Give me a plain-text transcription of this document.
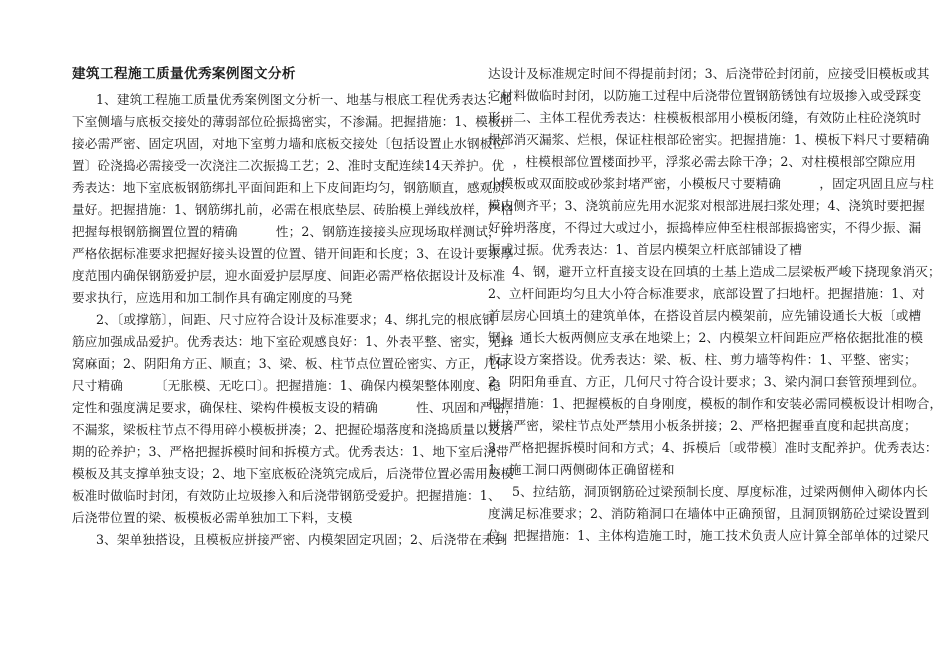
建筑工程施工质量优秀案例图文分析
1、建筑工程施工质量优秀案例图文分析一、地基与根底工程优秀表达：地
下室侧墙与底板交接处的薄弱部位砼振捣密实，不渗漏。把握措施：1、模板拼
接必需严密、固定巩固，对地下室剪力墙和底板交接处〔包括设置止水钢板位
置〕砼浇捣必需接受一次浇注二次振捣工艺；2、准时支配连续14天养护。优
秀表达：地下室底板钢筋绑扎平面间距和上下皮间距均匀，钢筋顺直，感观质
量好。把握措施：1、钢筋绑扎前，必需在根底垫层、砖胎模上弹线放样，严格
把握每根钢筋搁置位置的精确　　　性；2、钢筋连接接头应现场取样测试，并
严格依据标准要求把握好接头设置的位置、错开间距和长度；3、在设计要求厚
度范围内确保钢筋爱护层，迎水面爱护层厚度、间距必需严格依据设计及标准
要求执行，应选用和加工制作具有确定刚度的马凳
2、〔或撑筋〕，间距、尺寸应符合设计及标准要求；4、绑扎完的根底钢
筋应加强成品爱护。优秀表达：地下室砼观感良好：1、外表平整、密实，无蜂
窝麻面；2、阴阳角方正、顺直；3、梁、板、柱节点位置砼密实、方正，几何
尺寸精确　　　〔无胀模、无吃口〕。把握措施：1、确保内模架整体刚度、稳
定性和强度满足要求，确保柱、梁构件模板支设的精确　　　性、巩固和严密，
不漏浆，梁板柱节点不得用碎小模板拼凑；2、把握砼塌落度和浇捣质量以及后
期的砼养护；3、严格把握拆模时间和拆模方式。优秀表达：1、地下室后浇带
模板及其支撑单独支设；2、地下室底板砼浇筑完成后，后浇带位置必需用废模
板准时做临时封闭，有效防止垃圾掺入和后浇带钢筋受爱护。把握措施：1、
后浇带位置的梁、板模板必需单独加工下料，支模
3、架单独搭设，且模板应拼接严密、内模架固定巩固；2、后浇带在未到
达设计及标准规定时间不得提前封闭；3、后浇带砼封闭前，应接受旧模板或其
它材料做临时封闭，以防施工过程中后浇带位置钢筋锈蚀有垃圾掺入或受踩变
形。二、主体工程优秀表达：柱模板根部用小模板闭缝，有效防止柱砼浇筑时
根部消灭漏浆、烂根，保证柱根部砼密实。把握措施：1、模板下料尺寸要精确
　，柱模根部位置楼面抄平，浮浆必需去除干净；2、对柱模根部空隙应用
小模板或双面胶或砂浆封堵严密，小模板尺寸要精确　　　，固定巩固且应与柱
模内侧齐平；3、浇筑前应先用水泥浆对根部进展扫浆处理；4、浇筑时要把握
好砼坍落度，不得过大或过小，振捣棒应伸至柱根部振捣密实，不得少振、漏
振或过振。优秀表达：1、首层内模架立杆底部铺设了槽
4、钢，避开立杆直接支设在回填的土基上造成二层梁板严峻下挠现象消灭；
2、立杆间距均匀且大小符合标准要求，底部设置了扫地杆。把握措施：1、对
首层房心回填土的建筑单体，在搭设首层内模架前，应先铺设通长大板〔或槽
钢〕，通长大板两侧应支承在地梁上；2、内模架立杆间距应严格依据批准的模
板支设方案搭设。优秀表达：梁、板、柱、剪力墙等构件：1、平整、密实；
2、阴阳角垂直、方正，几何尺寸符合设计要求；3、梁内洞口套管预埋到位。
把握措施：1、把握模板的自身刚度，模板的制作和安装必需同模板设计相吻合，
拼接严密，梁柱节点处严禁用小板条拼接；2、严格把握垂直度和起拱高度；
3、严格把握拆模时间和方式；4、拆模后〔或带模〕准时支配养护。优秀表达：
1、施工洞口两侧砌体正确留槎和
5、拉结筋，洞顶钢筋砼过梁预制长度、厚度标准，过梁两侧伸入砌体内长
度满足标准要求；2、消防箱洞口在墙体中正确预留，且洞顶钢筋砼过梁设置到
位。把握措施：1、主体构造施工时，施工技术负责人应计算全部单体的过梁尺
